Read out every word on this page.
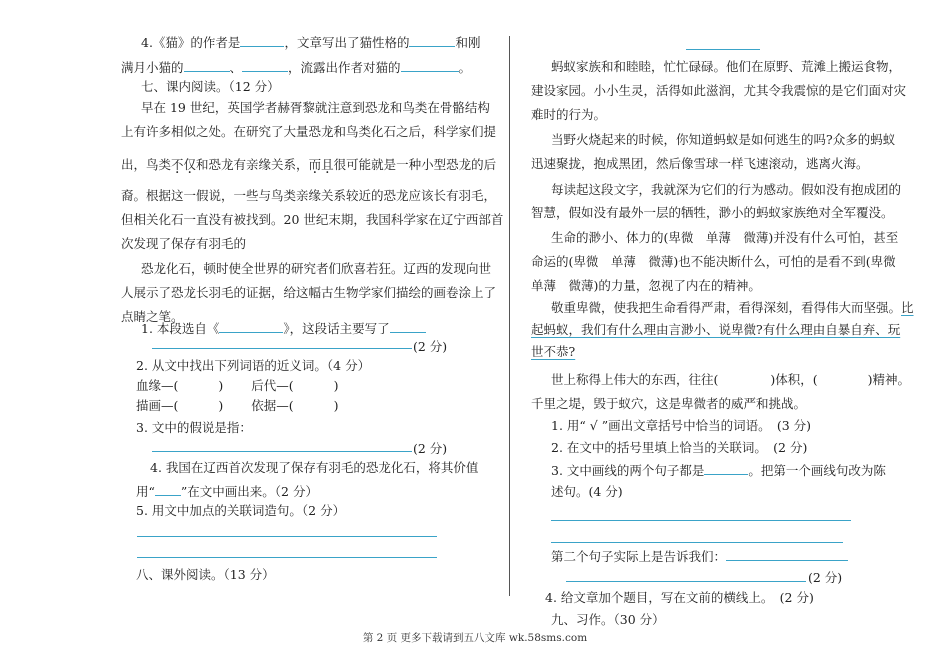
4.《猫》的作者是	，文章写出了猫性格的	和刚
满月小猫的	、	，流露出作者对猫的	。
七、课内阅读。（12 分）
早在 19 世纪，英国学者赫胥黎就注意到恐龙和鸟类在骨骼结构
上有许多相似之处。在研究了大量恐龙和鸟类化石之后，科学家们提
出，鸟类不仅和恐龙有亲缘关系，而且很可能就是一种小型恐龙的后
裔。根据这一假说，一些与鸟类亲缘关系较近的恐龙应该长有羽毛，
但相关化石一直没有被找到。20 世纪末期，我国科学家在辽宁西部首
次发现了保存有羽毛的
恐龙化石，顿时使全世界的研究者们欣喜若狂。辽西的发现向世
人展示了恐龙长羽毛的证据，给这幅古生物学家们描绘的画卷涂上了
点睛之笔。
1. 本段选自《	》，这段话主要写了
(2 分)
2. 从文中找出下列词语的近义词。（4 分）
血缘—(	) 后代—(	)
描画—(	) 依据—(	)
3. 文中的假说是指：
(2 分)
4. 我国在辽西首次发现了保存有羽毛的恐龙化石，将其价值
用“ ”在文中画出来。（2 分）
5. 用文中加点的关联词造句。（2 分）
八、课外阅读。（13 分）
蚂蚁家族和和睦睦，忙忙碌碌。他们在原野、荒滩上搬运食物，
建设家园。小小生灵，活得如此滋润，尤其令我震惊的是它们面对灾
难时的行为。
当野火烧起来的时候，你知道蚂蚁是如何逃生的吗?众多的蚂蚁
迅速聚拢，抱成黑团，然后像雪球一样飞速滚动，逃离火海。
每读起这段文字，我就深为它们的行为感动。假如没有抱成团的
智慧，假如没有最外一层的牺牲，渺小的蚂蚁家族绝对全军覆没。
生命的渺小、体力的(卑微　单薄　微薄)并没有什么可怕，甚至
命运的(卑微　单薄　微薄)也不能决断什么，可怕的是看不到(卑微
单薄　微薄)的力量，忽视了内在的精神。
敬重卑微，使我把生命看得严肃，看得深刻，看得伟大而坚强。比
起蚂蚁，我们有什么理由言渺小、说卑微?有什么理由自暴自弃、玩
世不恭?
世上称得上伟大的东西，往往(	)体积，(	)精神。
千里之堤，毁于蚁穴，这是卑微者的威严和挑战。
1. 用“ √ ”画出文章括号中恰当的词语。　(3 分)
2. 在文中的括号里填上恰当的关联词。　(2 分)
3. 文中画线的两个句子都是	。把第一个画线句改为陈
述句。(4 分)
第二个句子实际上是告诉我们：
(2 分)
4. 给文章加个题目，写在文前的横线上。　(2 分)
九、习作。（30 分）
第 2 页 更多下载请到五八文库 wk.58sms.com
